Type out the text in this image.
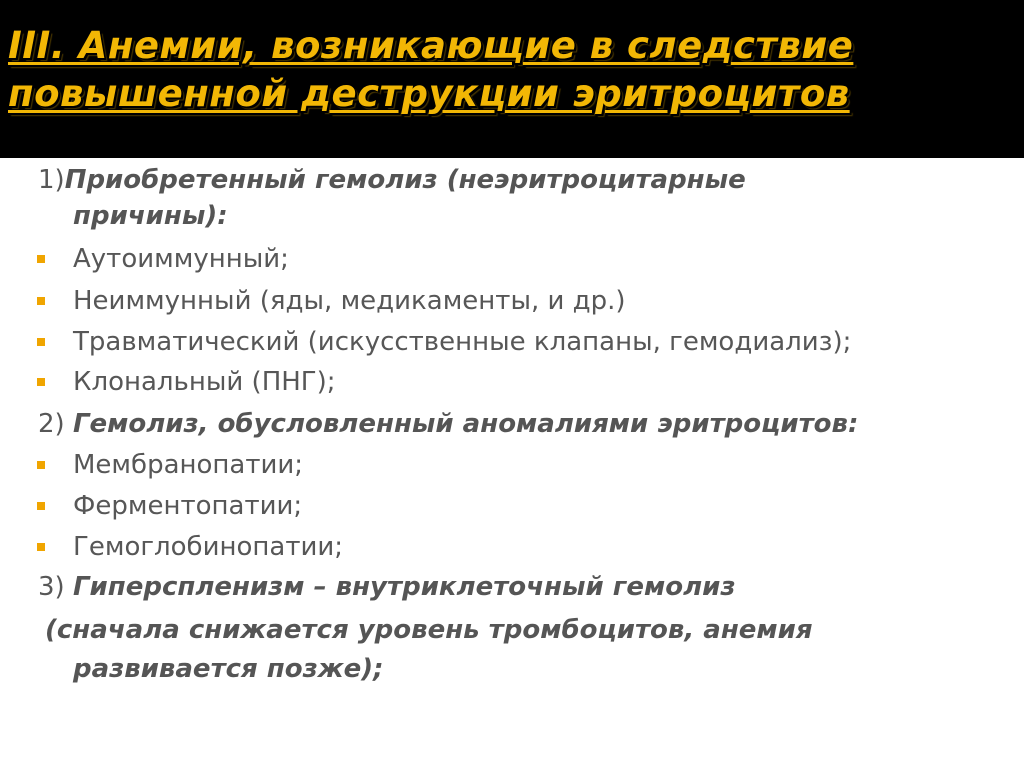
III. Анемии, возникающие в следствие
повышенной деструкции эритроцитов
1)Приобретенный гемолиз (неэритроцитарные
причины):
Аутоиммунный;
Неиммунный (яды, медикаменты, и др.)
Травматический (искусственные клапаны, гемодиализ);
Клональный (ПНГ);
2) Гемолиз, обусловленный аномалиями эритроцитов:
Мембранопатии;
Ферментопатии;
Гемоглобинопатии;
3) Гиперспленизм – внутриклеточный гемолиз
(сначала снижается уровень тромбоцитов, анемия
развивается позже);
